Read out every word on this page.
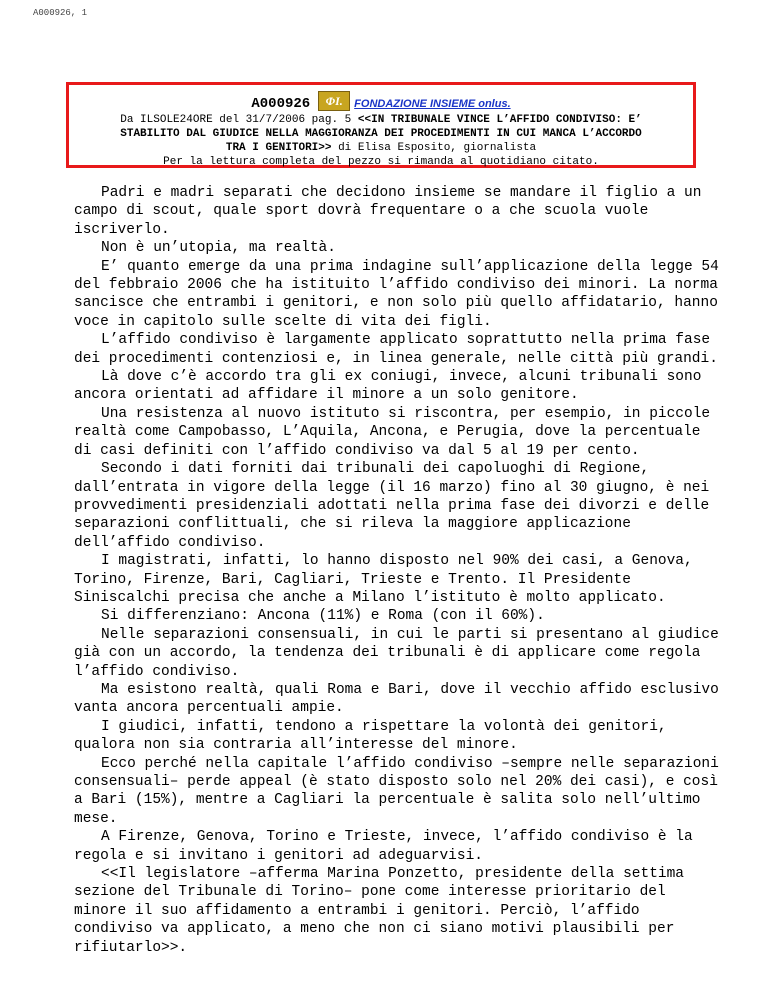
A000926, 1
A000926	ΦI.	FONDAZIONE INSIEME onlus.
Da ILSOLE24ORE del 31/7/2006 pag. 5 <<IN TRIBUNALE VINCE L’AFFIDO CONDIVISO: E’
STABILITO DAL GIUDICE NELLA MAGGIORANZA DEI PROCEDIMENTI IN CUI MANCA L’ACCORDO
TRA I GENITORI>> di Elisa Esposito, giornalista
Per la lettura completa del pezzo si rimanda al quotidiano citato.

Padri e madri separati che decidono insieme se mandare il figlio a un campo di scout, quale sport dovrà frequentare o a che scuola vuole iscriverlo.

Non è un’utopia, ma realtà.

E’ quanto emerge da una prima indagine sull’applicazione della legge 54 del febbraio 2006 che ha istituito l’affido condiviso dei minori. La norma sancisce che entrambi i genitori, e non solo più quello affidatario, hanno voce in capitolo sulle scelte di vita dei figli.

L’affido condiviso è largamente applicato soprattutto nella prima fase dei procedimenti contenziosi e, in linea generale, nelle città più grandi.

Là dove c’è accordo tra gli ex coniugi, invece, alcuni tribunali sono ancora orientati ad affidare il minore a un solo genitore.

Una resistenza al nuovo istituto si riscontra, per esempio, in piccole realtà come Campobasso, L’Aquila, Ancona, e Perugia, dove la percentuale di casi definiti con l’affido condiviso va dal 5 al 19 per cento.

Secondo i dati forniti dai tribunali dei capoluoghi di Regione, dall’entrata in vigore della legge (il 16 marzo) fino al 30 giugno, è nei provvedimenti presidenziali adottati nella prima fase dei divorzi e delle separazioni conflittuali, che si rileva la maggiore applicazione dell’affido condiviso.

I magistrati, infatti, lo hanno disposto nel 90% dei casi, a Genova, Torino, Firenze, Bari, Cagliari, Trieste e Trento. Il Presidente Siniscalchi precisa che anche a Milano l’istituto è molto applicato.

Si differenziano: Ancona (11%) e Roma (con il 60%).

Nelle separazioni consensuali, in cui le parti si presentano al giudice già con un accordo, la tendenza dei tribunali è di applicare come regola l’affido condiviso.

Ma esistono realtà, quali Roma e Bari, dove il vecchio affido esclusivo vanta ancora percentuali ampie.

I giudici, infatti, tendono a rispettare la volontà dei genitori, qualora non sia contraria all’interesse del minore.

Ecco perché nella capitale l’affido condiviso –sempre nelle separazioni consensuali– perde appeal (è stato disposto solo nel 20% dei casi), e così a Bari (15%), mentre a Cagliari la percentuale è salita solo nell’ultimo mese.

A Firenze, Genova, Torino e Trieste, invece, l’affido condiviso è la regola e si invitano i genitori ad adeguarvisi.

<<Il legislatore –afferma Marina Ponzetto, presidente della settima sezione del Tribunale di Torino– pone come interesse prioritario del minore il suo affidamento a entrambi i genitori. Perciò, l’affido condiviso va applicato, a meno che non ci siano motivi plausibili per rifiutarlo>>.
